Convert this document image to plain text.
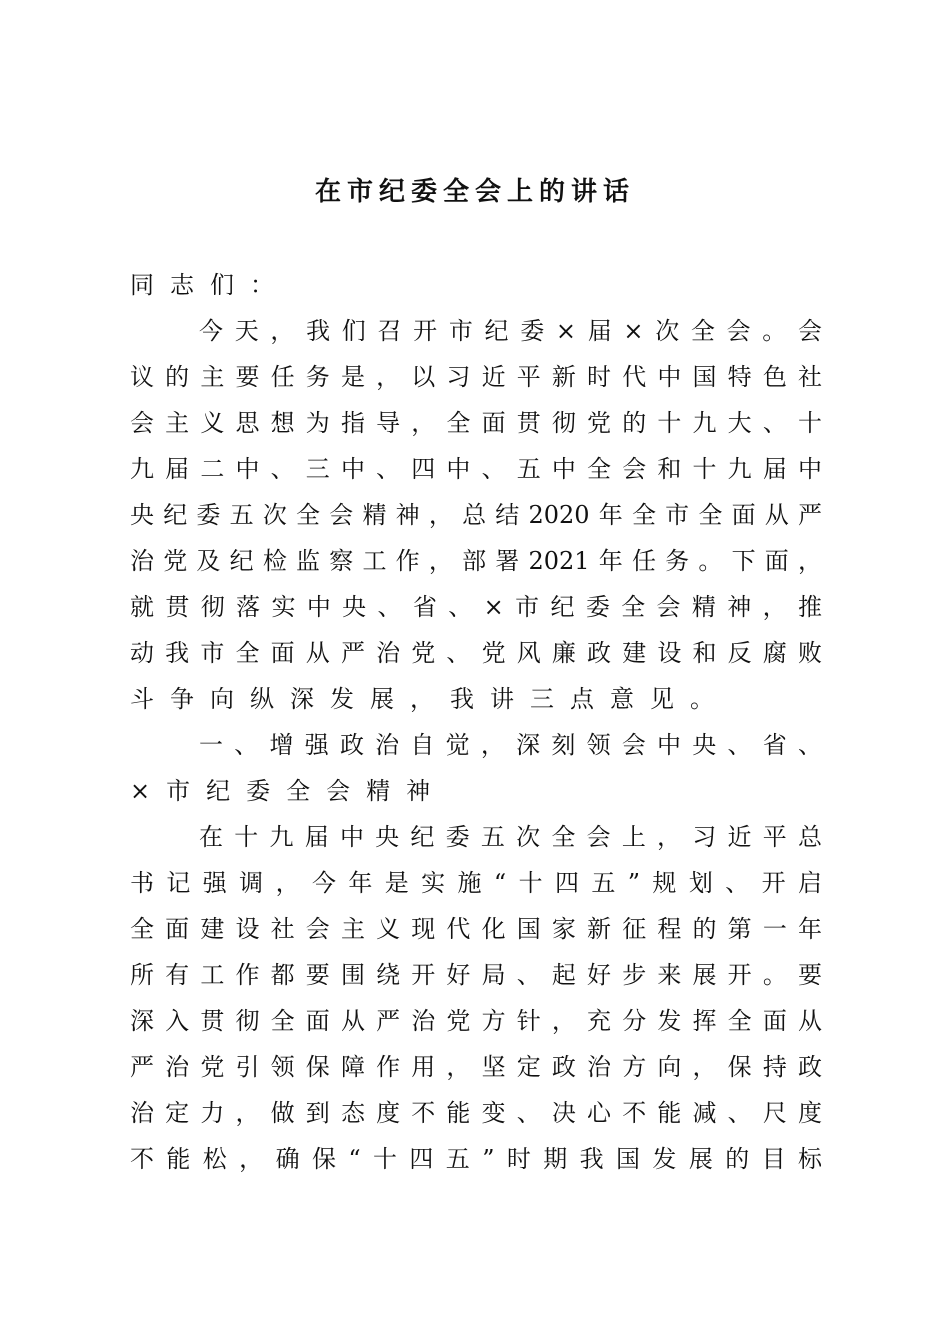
在市纪委全会上的讲话
同志们：
今天，我们召开市纪委×届×次全会。会
议的主要任务是，以习近平新时代中国特色社
会主义思想为指导，全面贯彻党的十九大、十
九届二中、三中、四中、五中全会和十九届中
央纪委五次全会精神，总结2020年全市全面从严
治党及纪检监察工作，部署2021年任务。下面，
就贯彻落实中央、省、×市纪委全会精神，推
动我市全面从严治党、党风廉政建设和反腐败
斗争向纵深发展，我讲三点意见。
一、增强政治自觉，深刻领会中央、省、
×市纪委全会精神
在十九届中央纪委五次全会上，习近平总
书记强调，今年是实施“十四五”规划、开启
全面建设社会主义现代化国家新征程的第一年
所有工作都要围绕开好局、起好步来展开。要
深入贯彻全面从严治党方针，充分发挥全面从
严治党引领保障作用，坚定政治方向，保持政
治定力，做到态度不能变、决心不能减、尺度
不能松，确保“十四五”时期我国发展的目标
